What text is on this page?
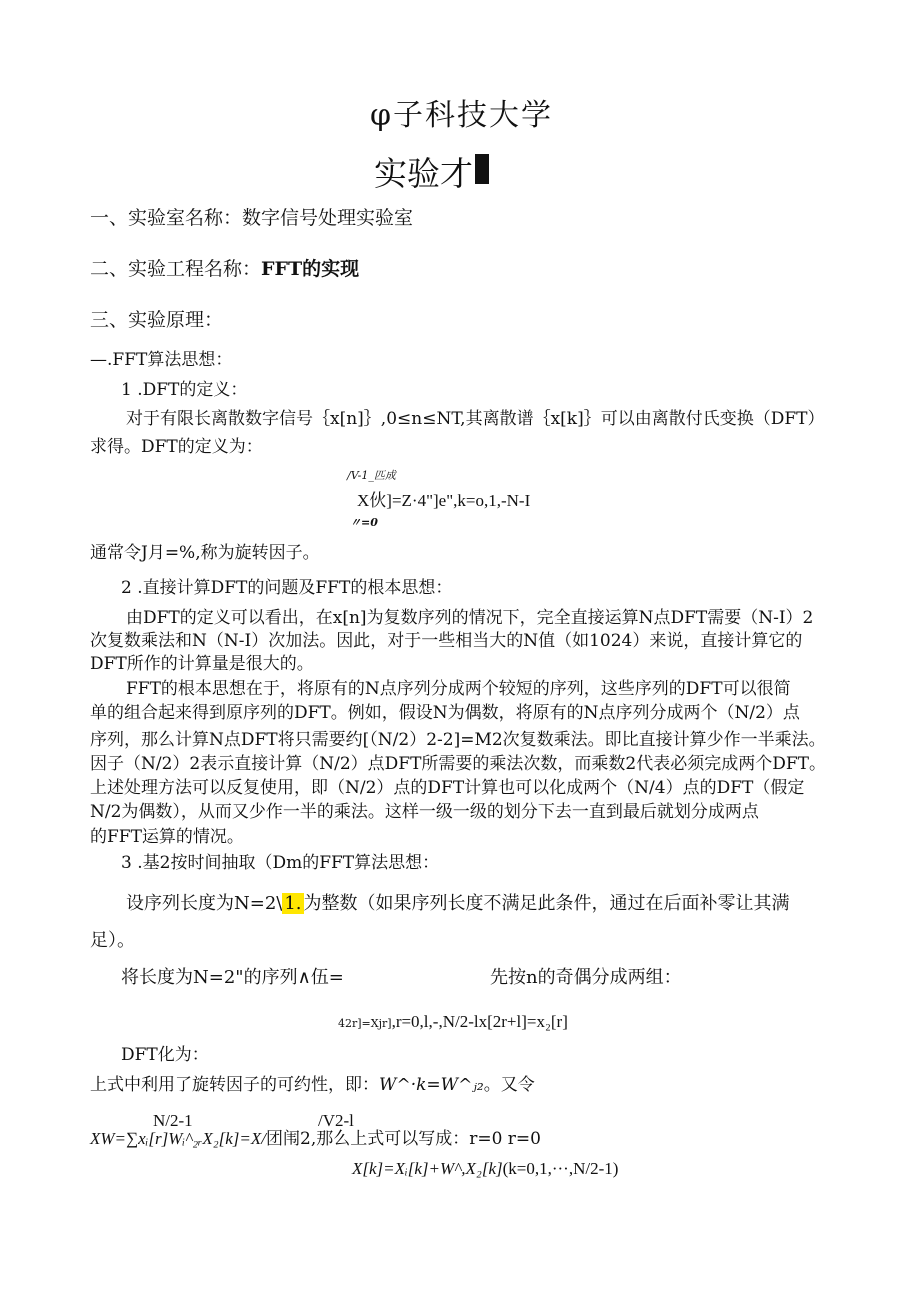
φ子科技大学
实验才
一、实验室名称：数字信号处理实验室
二、实验工程名称：FFT的实现
三、实验原理：
—.FFT算法思想：
1 .DFT的定义：
对于有限长离散数字信号｛x[n]｝,0≤n≤NT,其离散谱｛x[k]｝可以由离散付氏变换（DFT）
求得。DFT的定义为：
/V-1_匹成
X伙]=Z·4"]e",k=o,1,-N-I
〃=0
通常令J月=%,称为旋转因子。
2 .直接计算DFT的问题及FFT的根本思想：
由DFT的定义可以看出，在x[n]为复数序列的情况下，完全直接运算N点DFT需要（N-I）2
次复数乘法和N（N-I）次加法。因此，对于一些相当大的N值（如1024）来说，直接计算它的
DFT所作的计算量是很大的。
FFT的根本思想在于，将原有的N点序列分成两个较短的序列，这些序列的DFT可以很简
单的组合起来得到原序列的DFT。例如，假设N为偶数，将原有的N点序列分成两个（N/2）点
序列，那么计算N点DFT将只需要约[（N/2）2-2]=M2次复数乘法。即比直接计算少作一半乘法。
因子（N/2）2表示直接计算（N/2）点DFT所需要的乘法次数，而乘数2代表必须完成两个DFT。
上述处理方法可以反复使用，即（N/2）点的DFT计算也可以化成两个（N/4）点的DFT（假定
N/2为偶数），从而又少作一半的乘法。这样一级一级的划分下去一直到最后就划分成两点
的FFT运算的情况。
3 .基2按时间抽取（Dm的FFT算法思想：
设序列长度为N=2\ 1. 为整数（如果序列长度不满足此条件，通过在后面补零让其满
足）。
将长度为N=2"的序列∧伍=	先按n的奇偶分成两组：
42r]=Xjr],r=0,l,-,N/2-lx[2r+l]=x₂[r]
DFT化为：
上式中利用了旋转因子的可约性，即：W^·k=W^ⱼ₂。又令
N/2-1	/V2-l
XW=∑xᵢ[r]Wᵢ^₂ᵣX₂[k]=X/团闱2,那么上式可以写成：r=0 r=0
X[k]=Xᵢ[k]+W^,X₂[k](k=0,1,···,N/2-1)
